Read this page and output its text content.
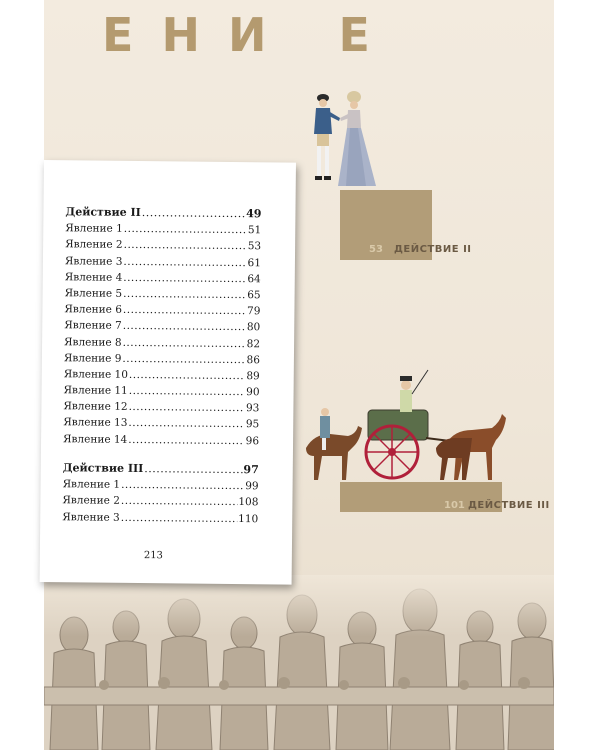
Е Н И   Е
53 ДЕЙСТВИЕ II
101 ДЕЙСТВИЕ III
Действие II .....	49
Явление 1 .....	51
Явление 2 .....	53
Явление 3 .....	61
Явление 4 .....	64
Явление 5 .....	65
Явление 6 .....	79
Явление 7 .....	80
Явление 8 .....	82
Явление 9 .....	86
Явление 10 .....	89
Явление 11 .....	90
Явление 12 .....	93
Явление 13 .....	95
Явление 14 .....	96
Действие III .....	97
Явление 1 .....	99
Явление 2 .....	108
Явление 3 .....	110
213
